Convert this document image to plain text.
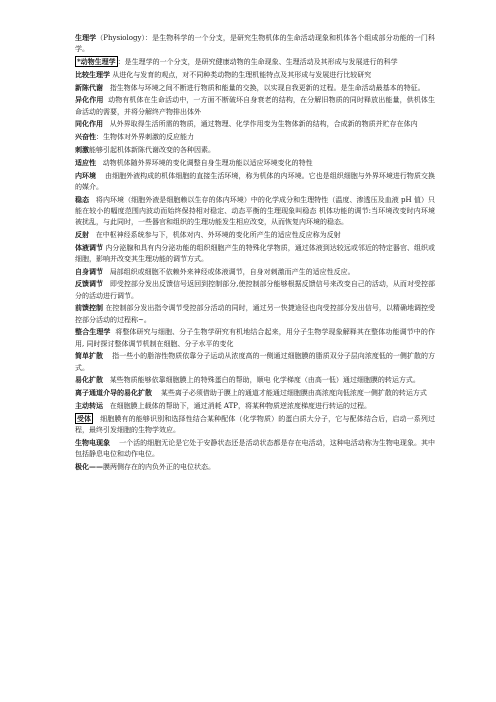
生理学（Physiology）：是生物科学的一个分支，是研究生物机体的生命活动现象和机体各个组成部分功能的一门科学。

*动物生理学 ：是生理学的一个分支，是研究健康动物的生命现象、生理活动及其形成与发展进行的科学

比较生理学 从进化与发育的观点，对不同种类动物的生理机能特点及其形成与发展进行比较研究

新陈代谢 指生物体与环境之间不断进行物质和能量的交换，以实现自我更新的过程。是生命活动最基本的特征。

异化作用 动物有机体在生命活动中，一方面不断破坏自身衰老的结构，在分解旧物质的同时释放出能量，供机体生命活动的需要，并将分解终产物排出体外

同化作用 从外界取得生活所需的物质，通过物理、化学作用变为生物体新的结构，合成新的物质并贮存在体内

兴奋性：生物体对外界刺激的反应能力

刺激能够引起机体新陈代谢改变的各种因素。

适应性 动物机体随外界环境的变化调整自身生理功能以适应环境变化的特性

内环境 由细胞外液构成的机体细胞的直接生活环境，称为机体的内环境。它也是组织细胞与外界环境进行物质交换的媒介。

稳态 将内环境（细胞外液是细胞赖以生存的体内环境）中的化学成分和生理特性（温度、渗透压及血液 pH 值）只能在较小的幅度范围内波动而始终保持相对稳定、动态平衡的生理现象叫稳态 机体功能的调节:当环境改变时内环境被扰乱，与此同时，一些器官和组织的生理功能发生相应改变，从而恢复内环境的稳态。

反射 在中枢神经系统参与下，机体对内、外环境的变化所产生的适应性反应称为反射

体液调节 内分泌腺和具有内分泌功能的组织细胞产生的特殊化学物质，通过体液到达较远或邻近的特定器官、组织或细胞，影响并改变其生理功能的调节方式。

自身调节 局部组织或细胞不依赖外来神经或体液调节，自身对刺激而产生的适应性反应。

反馈调节 即受控部分发出反馈信号返回到控制部分,使控制部分能够根据反馈信号来改变自己的活动，从而对受控部分的活动进行调节。

前馈控制 在控制部分发出指令调节受控部分活动的同时，通过另一快捷途径也向受控部分发出信号，以精确地调控受控部分活动的过程称~。

整合生理学 将整体研究与细胞、分子生物学研究有机地结合起来，用分子生物学现象解释其在整体功能调节中的作用, 同时探讨整体调节机制在细胞、分子水平的变化

简单扩散 指一些小的脂溶性物质依靠分子运动从浓度高的一侧通过细胞膜的脂质双分子层向浓度低的一侧扩散的方式。

易化扩散 某些物质能够依靠细胞膜上的特殊蛋白的帮助，顺电 化学梯度（由高一低）通过细胞膜的转运方式。

离子通道介导的易化扩散 某些离子必须借助于膜上的通道才能通过细胞膜由高浓度向低浓度一侧扩散的转运方式

主动转运 在细胞膜上载体的帮助下，通过消耗 ATP，将某种物质逆浓度梯度进行转运的过程。

受体 细胞膜有的能够识别和选择性结合某种配体（化学物质）的蛋白质大分子，它与配体结合后，启动一系列过程，最终引发细胞的生物学效应。

生物电现象 一个活的细胞无论是它处于安静状态还是活动状态都是存在电活动，这种电活动称为生物电现象。其中包括静息电位和动作电位。

极化——膜两侧存在的内负外正的电位状态。
